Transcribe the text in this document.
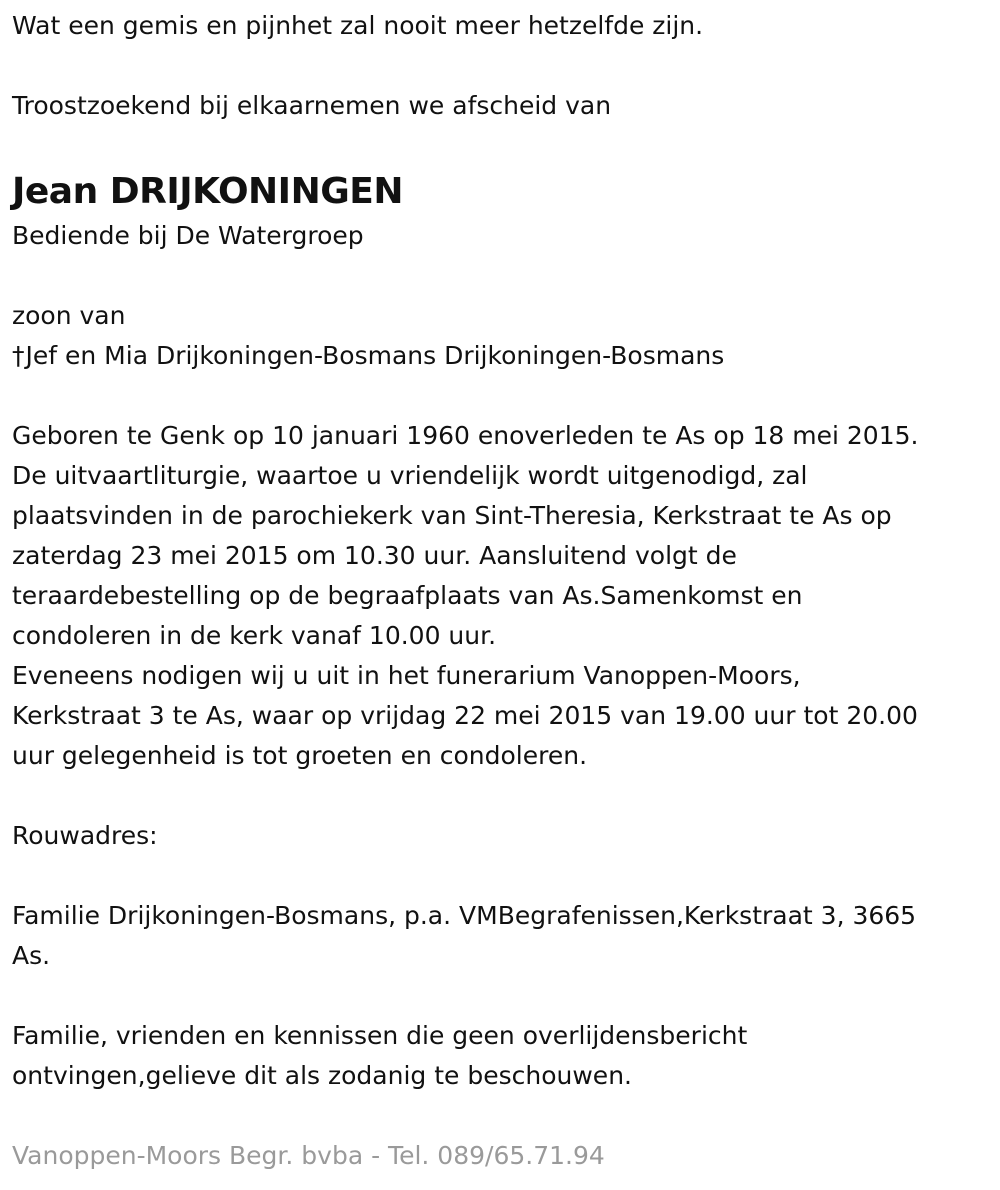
Wat een gemis en pijnhet zal nooit meer hetzelfde zijn.

Troostzoekend bij elkaarnemen we afscheid van

Jean DRIJKONINGEN

Bediende bij De Watergroep

zoon van

†Jef en Mia Drijkoningen-Bosmans Drijkoningen-Bosmans

Geboren te Genk op 10 januari 1960 enoverleden te As op 18 mei 2015.

De uitvaartliturgie, waartoe u vriendelijk wordt uitgenodigd, zal

plaatsvinden in de parochiekerk van Sint-Theresia, Kerkstraat te As op

zaterdag 23 mei 2015 om 10.30 uur. Aansluitend volgt de

teraardebestelling op de begraafplaats van As.Samenkomst en

condoleren in de kerk vanaf 10.00 uur.

Eveneens nodigen wij u uit in het funerarium Vanoppen-Moors,

Kerkstraat 3 te As, waar op vrijdag 22 mei 2015 van 19.00 uur tot 20.00

uur gelegenheid is tot groeten en condoleren.

Rouwadres:

Familie Drijkoningen-Bosmans, p.a. VMBegrafenissen,Kerkstraat 3, 3665

As.

Familie, vrienden en kennissen die geen overlijdensbericht

ontvingen,gelieve dit als zodanig te beschouwen.

Vanoppen-Moors Begr. bvba - Tel. 089/65.71.94
